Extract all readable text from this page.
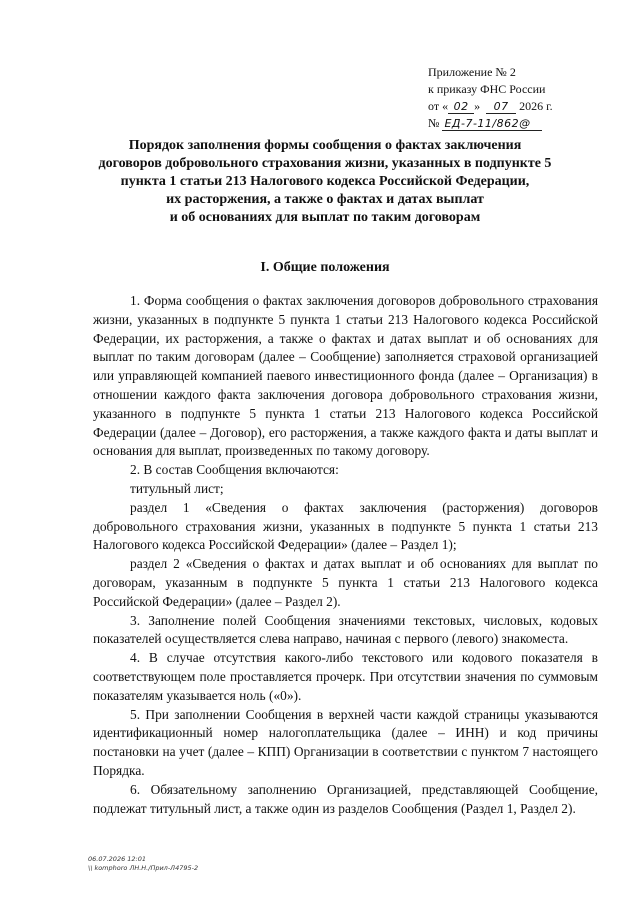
Приложение № 2
к приказу ФНС России
от « 02 » 07 2026 г.
№ ЕД-7-11/862@
Порядок заполнения формы сообщения о фактах заключения
договоров добровольного страхования жизни, указанных в подпункте 5
пункта 1 статьи 213 Налогового кодекса Российской Федерации,
их расторжения, а также о фактах и датах выплат
и об основаниях для выплат по таким договорам
I. Общие положения

1. Форма сообщения о фактах заключения договоров добровольного страхования жизни, указанных в подпункте 5 пункта 1 статьи 213 Налогового кодекса Российской Федерации, их расторжения, а также о фактах и датах выплат и об основаниях для выплат по таким договорам (далее – Сообщение) заполняется страховой организацией или управляющей компанией паевого инвестиционного фонда (далее – Организация) в отношении каждого факта заключения договора добровольного страхования жизни, указанного в подпункте 5 пункта 1 статьи 213 Налогового кодекса Российской Федерации (далее – Договор), его расторжения, а также каждого факта и даты выплат и основания для выплат, произведенных по такому договору.

2. В состав Сообщения включаются:

титульный лист;

раздел 1 «Сведения о фактах заключения (расторжения) договоров добровольного страхования жизни, указанных в подпункте 5 пункта 1 статьи 213 Налогового кодекса Российской Федерации» (далее – Раздел 1);

раздел 2 «Сведения о фактах и датах выплат и об основаниях для выплат по договорам, указанным в подпункте 5 пункта 1 статьи 213 Налогового кодекса Российской Федерации» (далее – Раздел 2).

3. Заполнение полей Сообщения значениями текстовых, числовых, кодовых показателей осуществляется слева направо, начиная с первого (левого) знакоместа.

4. В случае отсутствия какого-либо текстового или кодового показателя в соответствующем поле проставляется прочерк. При отсутствии значения по суммовым показателям указывается ноль («0»).

5. При заполнении Сообщения в верхней части каждой страницы указываются идентификационный номер налогоплательщика (далее – ИНН) и код причины постановки на учет (далее – КПП) Организации в соответствии с пунктом 7 настоящего Порядка.

6. Обязательному заполнению Организацией, представляющей Сообщение, подлежат титульный лист, а также один из разделов Сообщения (Раздел 1, Раздел 2).

06.07.2026 12:01
\\ komphoro ЛН.Н./Прил-Л4795-2
